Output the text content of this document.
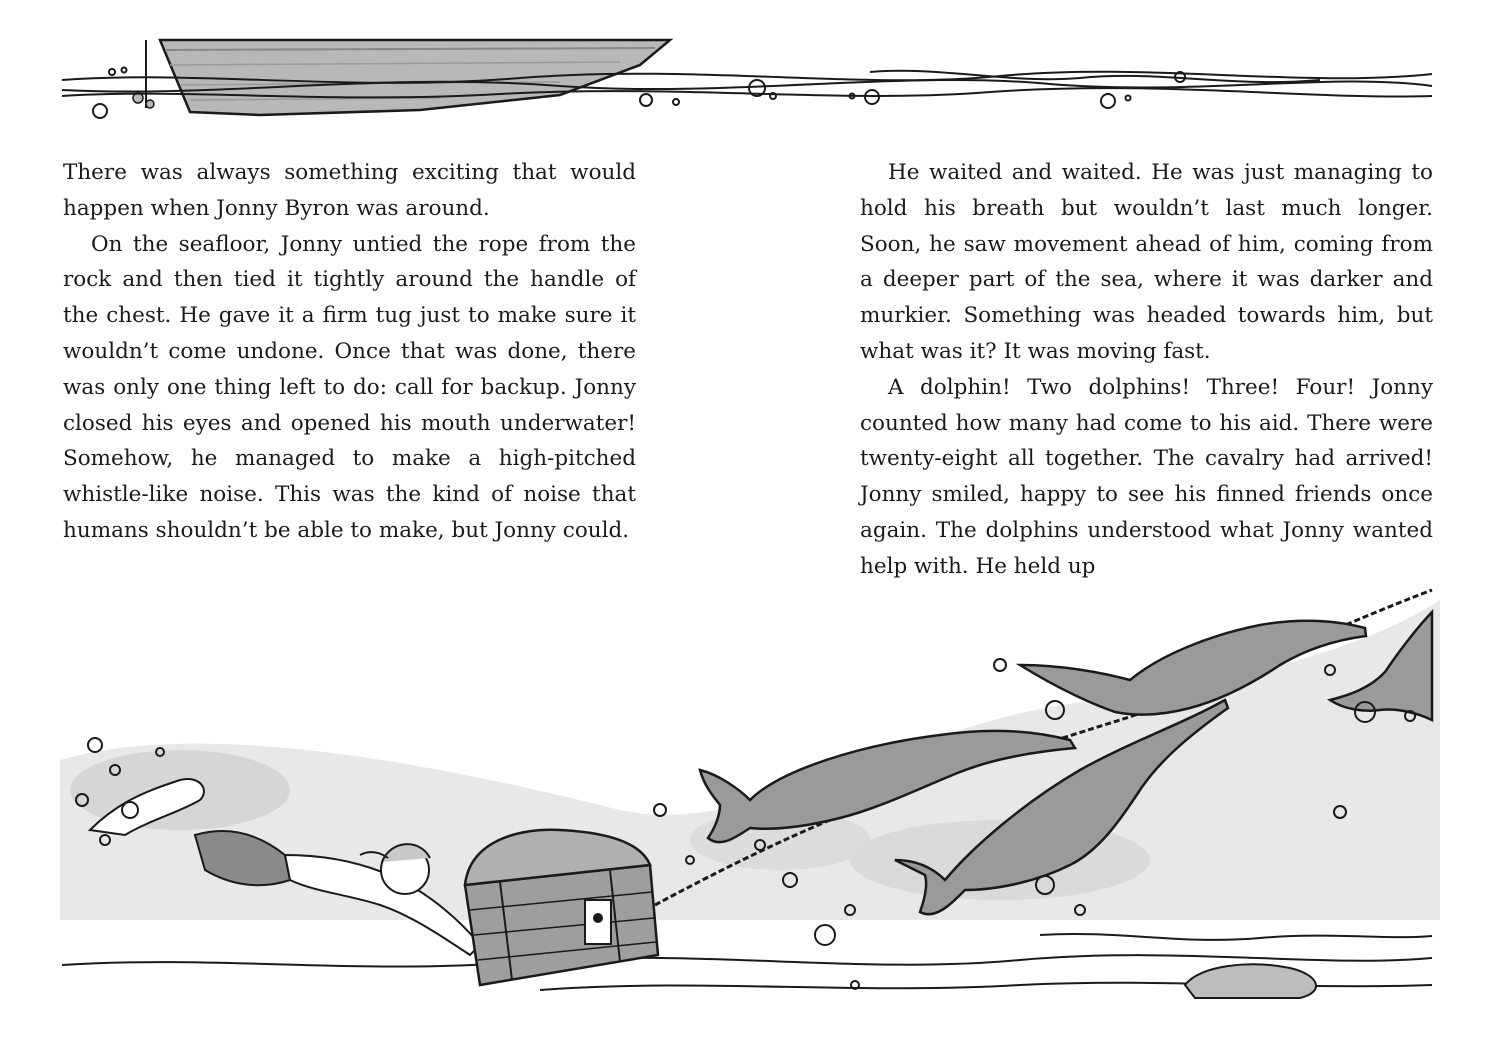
There was always something exciting that would happen when Jonny Byron was around.

On the seafloor, Jonny untied the rope from the rock and then tied it tightly around the handle of the chest. He gave it a firm tug just to make sure it wouldn’t come undone. Once that was done, there was only one thing left to do: call for backup. Jonny closed his eyes and opened his mouth underwater! Somehow, he managed to make a high-pitched whistle-like noise. This was the kind of noise that humans shouldn’t be able to make, but Jonny could.

He waited and waited. He was just managing to hold his breath but wouldn’t last much longer. Soon, he saw movement ahead of him, coming from a deeper part of the sea, where it was darker and murkier. Something was headed towards him, but what was it? It was moving fast.

A dolphin! Two dolphins! Three! Four! Jonny counted how many had come to his aid. There were twenty-eight all together. The cavalry had arrived! Jonny smiled, happy to see his finned friends once again. The dolphins understood what Jonny wanted help with. He held up
